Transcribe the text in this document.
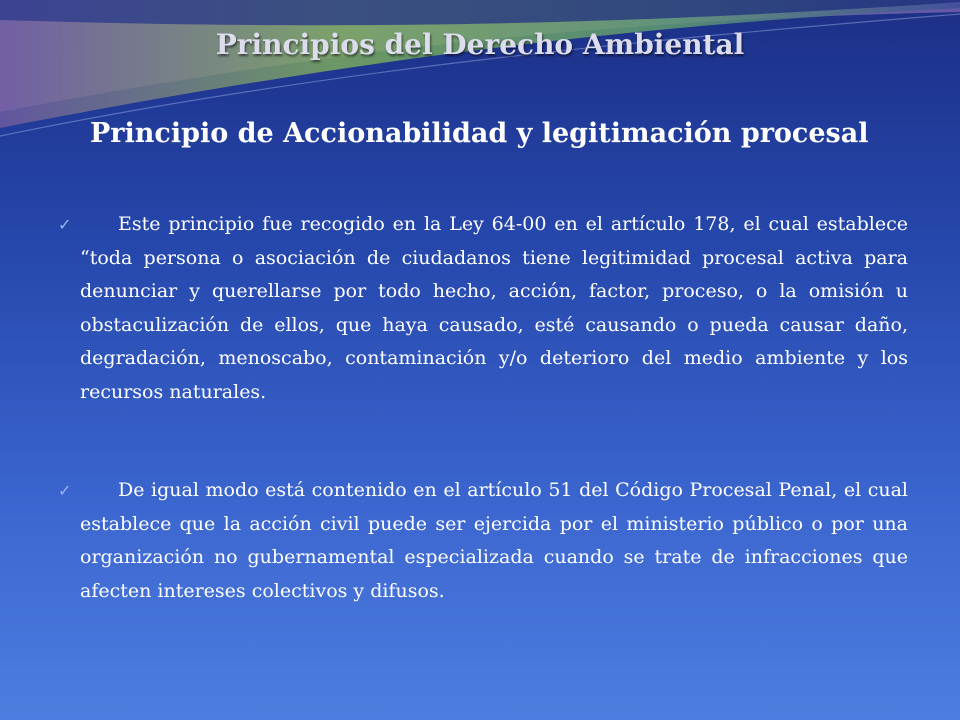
Principios del Derecho Ambiental
Principio de Accionabilidad y legitimación procesal
✓	Este principio fue recogido en la Ley 64-00 en el artículo 178, el cual establece “toda persona o asociación de ciudadanos tiene legitimidad procesal activa para denunciar y querellarse por todo hecho, acción, factor, proceso, o la omisión u obstaculización de ellos, que haya causado, esté causando o pueda causar daño, degradación, menoscabo, contaminación y/o deterioro del medio ambiente y los recursos naturales.
✓	De igual modo está contenido en el artículo 51 del Código Procesal Penal, el cual establece que la acción civil puede ser ejercida por el ministerio público o por una organización no gubernamental especializada cuando se trate de infracciones que afecten intereses colectivos y difusos.
